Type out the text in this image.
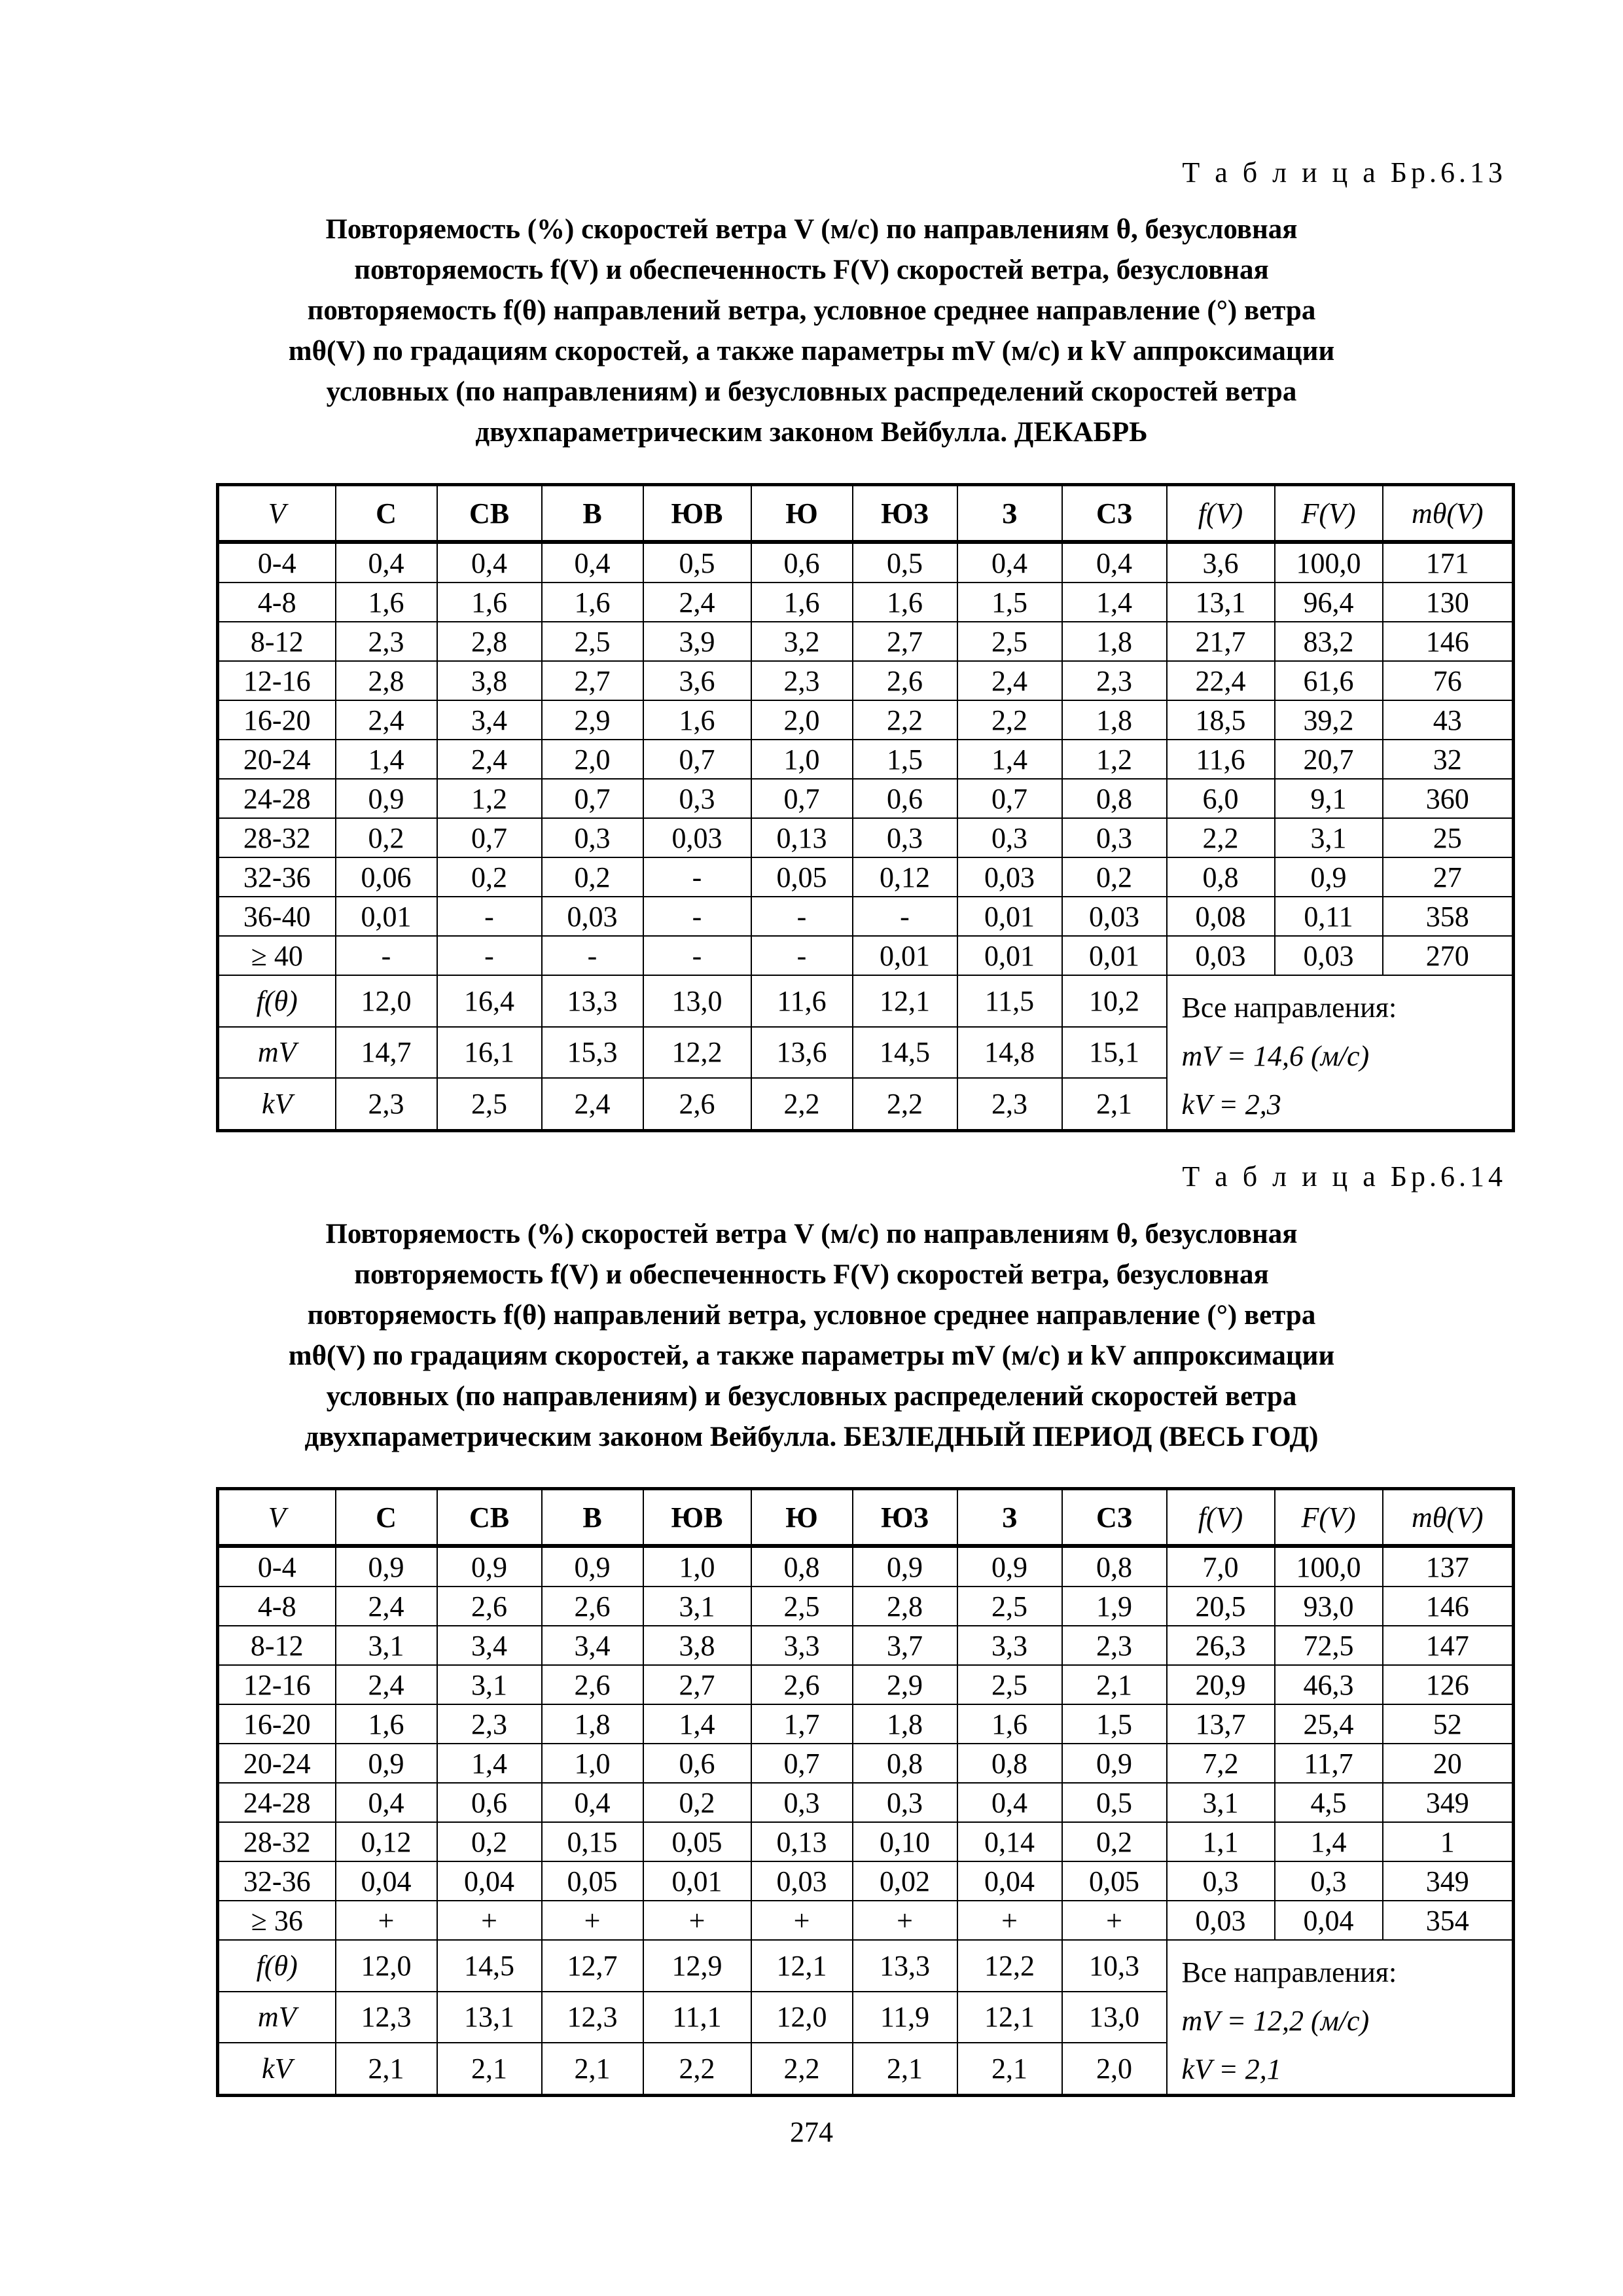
Т а б л и ц а Бр.6.13
Повторяемость (%) скоростей ветра V (м/с) по направлениям θ, безусловная
повторяемость f(V) и обеспеченность F(V) скоростей ветра, безусловная
повторяемость f(θ) направлений ветра, условное среднее направление (°) ветра
mθ(V) по градациям скоростей, а также параметры mV (м/с) и kV аппроксимации
условных (по направлениям) и безусловных распределений скоростей ветра
двухпараметрическим законом Вейбулла. ДЕКАБРЬ
V	С	СВ	В	ЮВ	Ю	ЮЗ	З	СЗ	f(V)	F(V)	mθ(V)
0-4	0,4	0,4	0,4	0,5	0,6	0,5	0,4	0,4	3,6	100,0	171
4-8	1,6	1,6	1,6	2,4	1,6	1,6	1,5	1,4	13,1	96,4	130
8-12	2,3	2,8	2,5	3,9	3,2	2,7	2,5	1,8	21,7	83,2	146
12-16	2,8	3,8	2,7	3,6	2,3	2,6	2,4	2,3	22,4	61,6	76
16-20	2,4	3,4	2,9	1,6	2,0	2,2	2,2	1,8	18,5	39,2	43
20-24	1,4	2,4	2,0	0,7	1,0	1,5	1,4	1,2	11,6	20,7	32
24-28	0,9	1,2	0,7	0,3	0,7	0,6	0,7	0,8	6,0	9,1	360
28-32	0,2	0,7	0,3	0,03	0,13	0,3	0,3	0,3	2,2	3,1	25
32-36	0,06	0,2	0,2	-	0,05	0,12	0,03	0,2	0,8	0,9	27
36-40	0,01	-	0,03	-	-	-	0,01	0,03	0,08	0,11	358
≥ 40	-	-	-	-	-	0,01	0,01	0,01	0,03	0,03	270
f(θ)	12,0	16,4	13,3	13,0	11,6	12,1	11,5	10,2	Все направления:
mV = 14,6 (м/с)
kV = 2,3		

mV	14,7	16,1	15,3	12,2	13,6	14,5	14,8	15,1			
kV	2,3	2,5	2,4	2,6	2,2	2,2	2,3	2,1			
Т а б л и ц а Бр.6.14
Повторяемость (%) скоростей ветра V (м/с) по направлениям θ, безусловная
повторяемость f(V) и обеспеченность F(V) скоростей ветра, безусловная
повторяемость f(θ) направлений ветра, условное среднее направление (°) ветра
mθ(V) по градациям скоростей, а также параметры mV (м/с) и kV аппроксимации
условных (по направлениям) и безусловных распределений скоростей ветра
двухпараметрическим законом Вейбулла. БЕЗЛЕДНЫЙ ПЕРИОД (ВЕСЬ ГОД)
V	С	СВ	В	ЮВ	Ю	ЮЗ	З	СЗ	f(V)	F(V)	mθ(V)
0-4	0,9	0,9	0,9	1,0	0,8	0,9	0,9	0,8	7,0	100,0	137
4-8	2,4	2,6	2,6	3,1	2,5	2,8	2,5	1,9	20,5	93,0	146
8-12	3,1	3,4	3,4	3,8	3,3	3,7	3,3	2,3	26,3	72,5	147
12-16	2,4	3,1	2,6	2,7	2,6	2,9	2,5	2,1	20,9	46,3	126
16-20	1,6	2,3	1,8	1,4	1,7	1,8	1,6	1,5	13,7	25,4	52
20-24	0,9	1,4	1,0	0,6	0,7	0,8	0,8	0,9	7,2	11,7	20
24-28	0,4	0,6	0,4	0,2	0,3	0,3	0,4	0,5	3,1	4,5	349
28-32	0,12	0,2	0,15	0,05	0,13	0,10	0,14	0,2	1,1	1,4	1
32-36	0,04	0,04	0,05	0,01	0,03	0,02	0,04	0,05	0,3	0,3	349
≥ 36	+	+	+	+	+	+	+	+	0,03	0,04	354
f(θ)	12,0	14,5	12,7	12,9	12,1	13,3	12,2	10,3	Все направления:
mV = 12,2 (м/с)
kV = 2,1		

mV	12,3	13,1	12,3	11,1	12,0	11,9	12,1	13,0			
kV	2,1	2,1	2,1	2,2	2,2	2,1	2,1	2,0			
274
